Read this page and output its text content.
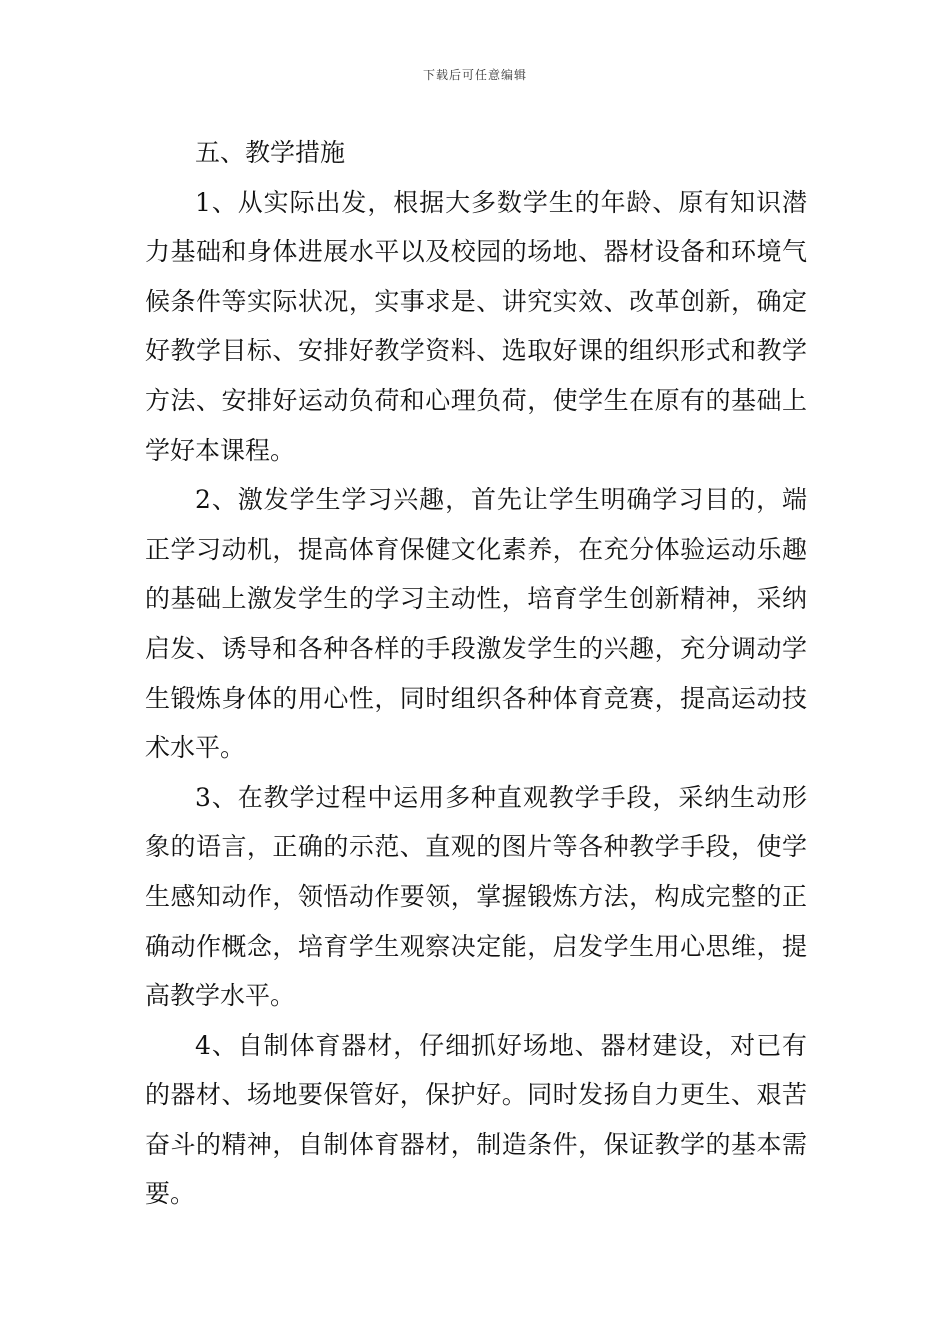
下载后可任意编辑

五、教学措施

1、从实际出发，根据大多数学生的年龄、原有知识潜力基础和身体进展水平以及校园的场地、器材设备和环境气候条件等实际状况，实事求是、讲究实效、改革创新，确定好教学目标、安排好教学资料、选取好课的组织形式和教学方法、安排好运动负荷和心理负荷，使学生在原有的基础上学好本课程。

2、激发学生学习兴趣，首先让学生明确学习目的，端正学习动机，提高体育保健文化素养，在充分体验运动乐趣的基础上激发学生的学习主动性，培育学生创新精神，采纳启发、诱导和各种各样的手段激发学生的兴趣，充分调动学生锻炼身体的用心性，同时组织各种体育竞赛，提高运动技术水平。

3、在教学过程中运用多种直观教学手段，采纳生动形象的语言，正确的示范、直观的图片等各种教学手段，使学生感知动作，领悟动作要领，掌握锻炼方法，构成完整的正确动作概念，培育学生观察决定能，启发学生用心思维，提高教学水平。

4、自制体育器材，仔细抓好场地、器材建设，对已有的器材、场地要保管好，保护好。同时发扬自力更生、艰苦奋斗的精神，自制体育器材，制造条件，保证教学的基本需要。
